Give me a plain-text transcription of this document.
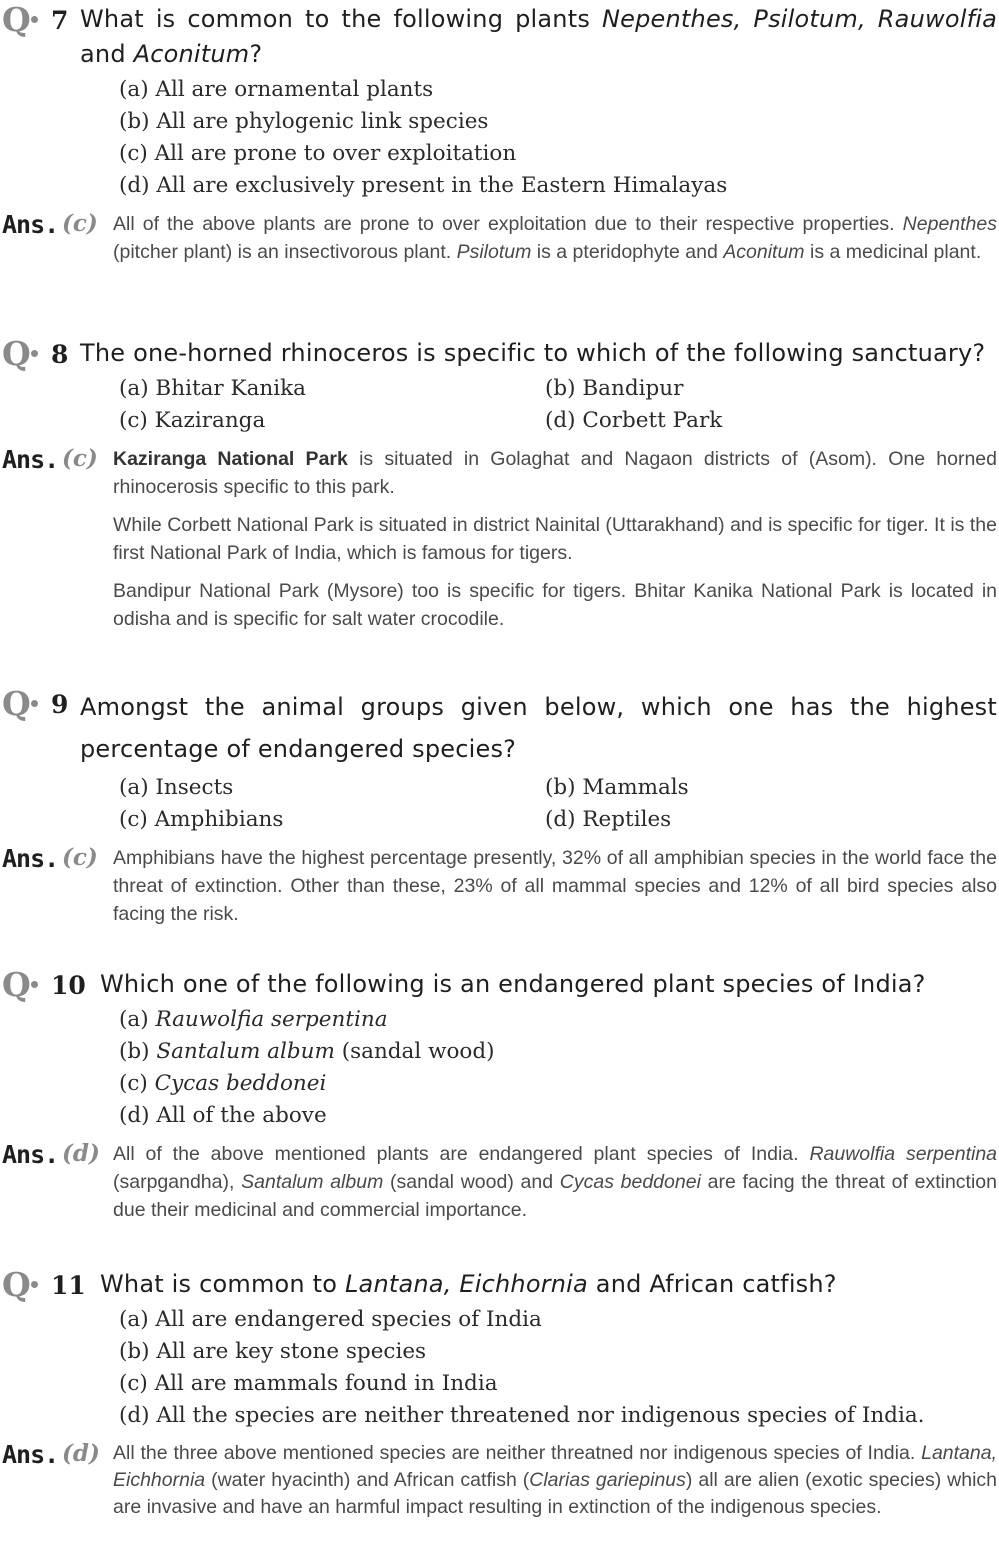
Q 7 What is common to the following plants Nepenthes, Psilotum, Rauwolfia and Aconitum?
(a) All are ornamental plants
(b) All are phylogenic link species
(c) All are prone to over exploitation
(d) All are exclusively present in the Eastern Himalayas
Ans. (c) All of the above plants are prone to over exploitation due to their respective properties. Nepenthes (pitcher plant) is an insectivorous plant. Psilotum is a pteridophyte and Aconitum is a medicinal plant.

Q 8 The one-horned rhinoceros is specific to which of the following sanctuary?
(a) Bhitar Kanika	(b) Bandipur
(c) Kaziranga	(d) Corbett Park
Ans. (c) Kaziranga National Park is situated in Golaghat and Nagaon districts of (Asom). One horned rhinocerosis specific to this park.

While Corbett National Park is situated in district Nainital (Uttarakhand) and is specific for tiger. It is the first National Park of India, which is famous for tigers.

Bandipur National Park (Mysore) too is specific for tigers. Bhitar Kanika National Park is located in odisha and is specific for salt water crocodile.

Q 9 Amongst the animal groups given below, which one has the highest percentage of endangered species?
(a) Insects	(b) Mammals
(c) Amphibians	(d) Reptiles
Ans. (c) Amphibians have the highest percentage presently, 32% of all amphibian species in the world face the threat of extinction. Other than these, 23% of all mammal species and 12% of all bird species also facing the risk.

Q 10 Which one of the following is an endangered plant species of India?
(a) Rauwolfia serpentina
(b) Santalum album (sandal wood)
(c) Cycas beddonei
(d) All of the above
Ans. (d) All of the above mentioned plants are endangered plant species of India. Rauwolfia serpentina (sarpgandha), Santalum album (sandal wood) and Cycas beddonei are facing the threat of extinction due their medicinal and commercial importance.

Q 11 What is common to Lantana, Eichhornia and African catfish?
(a) All are endangered species of India
(b) All are key stone species
(c) All are mammals found in India
(d) All the species are neither threatened nor indigenous species of India.
Ans. (d) All the three above mentioned species are neither threatned nor indigenous species of India. Lantana, Eichhornia (water hyacinth) and African catfish (Clarias gariepinus) all are alien (exotic species) which are invasive and have an harmful impact resulting in extinction of the indigenous species.
